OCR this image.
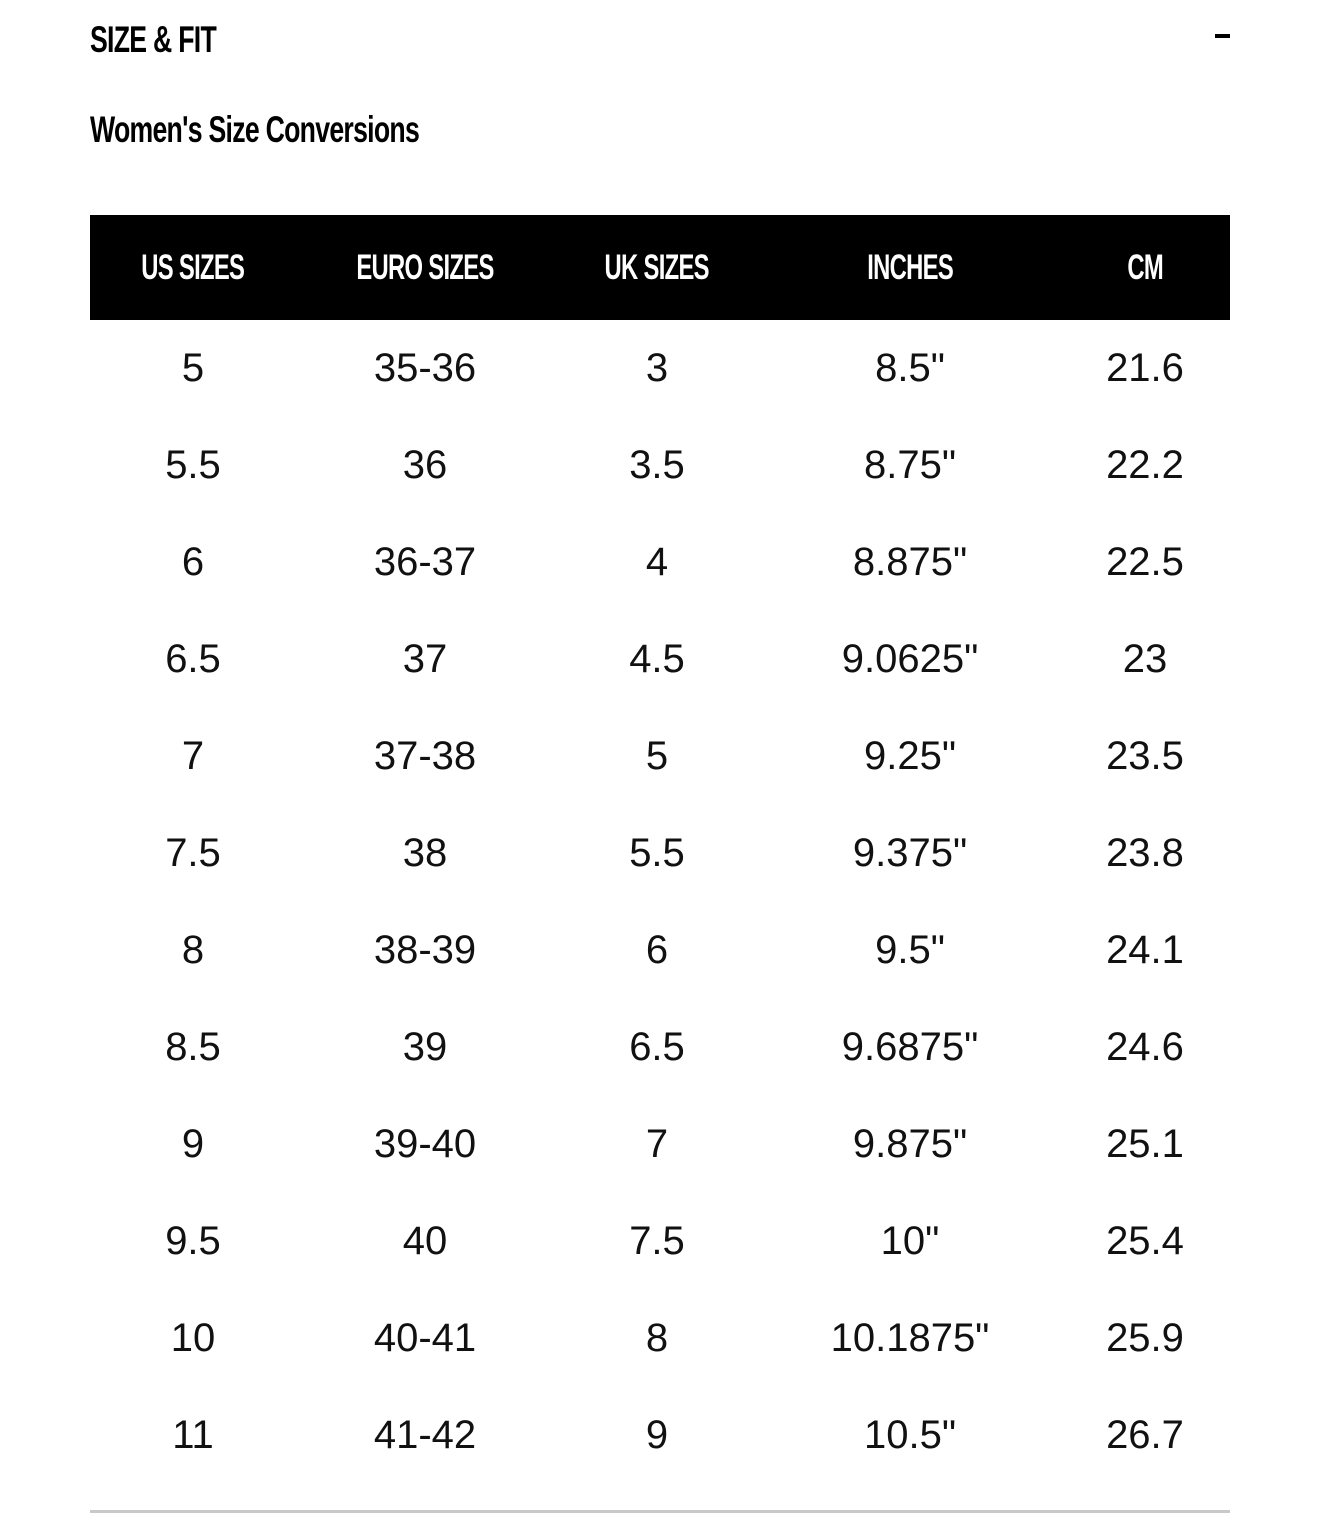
SIZE & FIT
Women's Size Conversions
US SIZES	EURO SIZES	UK SIZES	INCHES	CM
5	35-36	3	8.5"	21.6
5.5	36	3.5	8.75"	22.2
6	36-37	4	8.875"	22.5
6.5	37	4.5	9.0625"	23
7	37-38	5	9.25"	23.5
7.5	38	5.5	9.375"	23.8
8	38-39	6	9.5"	24.1
8.5	39	6.5	9.6875"	24.6
9	39-40	7	9.875"	25.1
9.5	40	7.5	10"	25.4
10	40-41	8	10.1875"	25.9
11	41-42	9	10.5"	26.7
